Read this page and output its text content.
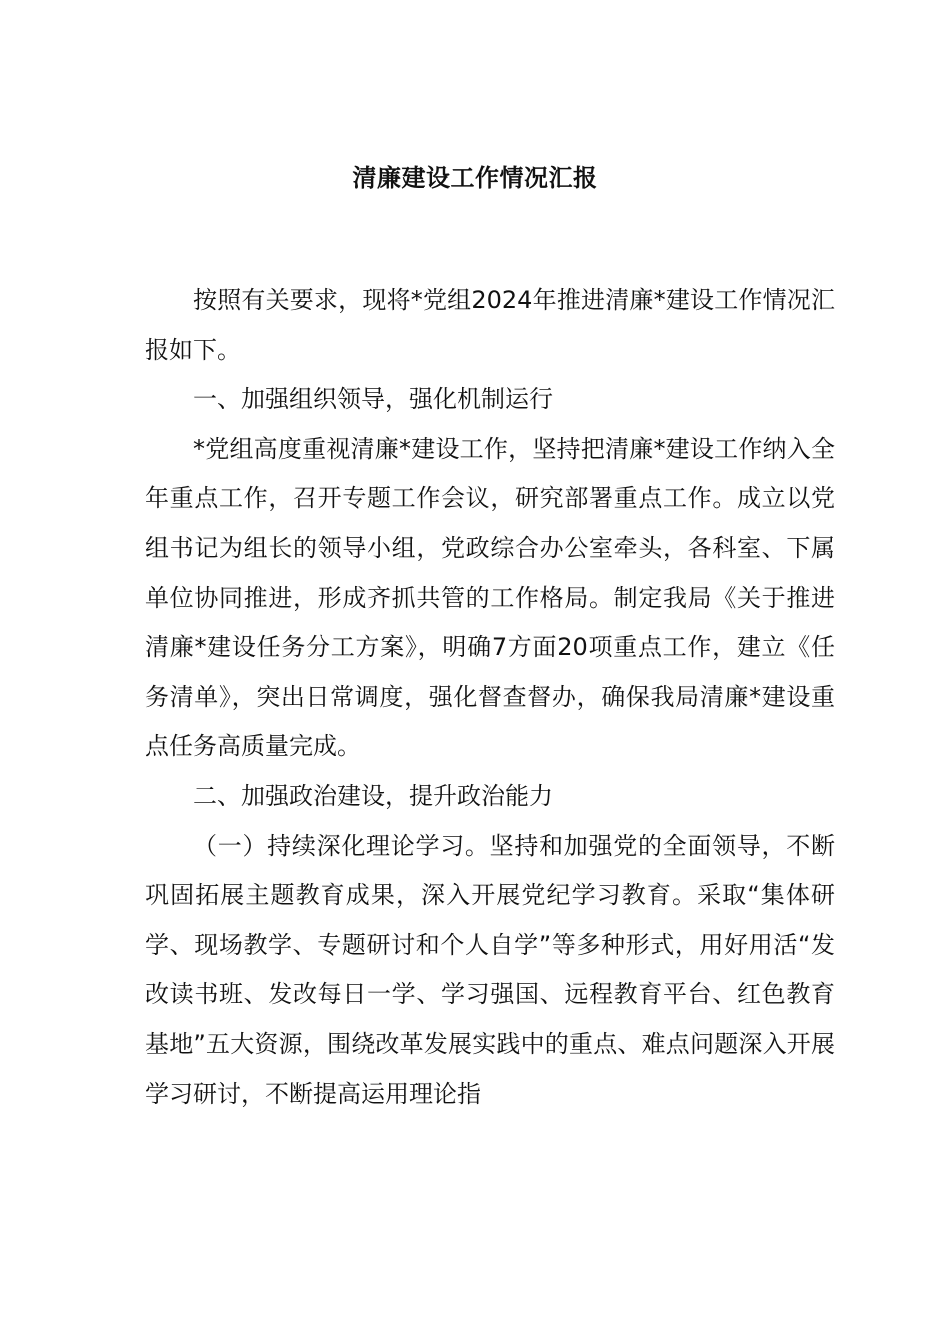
清廉建设工作情况汇报

按照有关要求，现将*党组2024年推进清廉*建设工作情况汇报如下。

一、加强组织领导，强化机制运行

*党组高度重视清廉*建设工作，坚持把清廉*建设工作纳入全年重点工作，召开专题工作会议，研究部署重点工作。成立以党组书记为组长的领导小组，党政综合办公室牵头，各科室、下属单位协同推进，形成齐抓共管的工作格局。制定我局《关于推进清廉*建设任务分工方案》，明确7方面20项重点工作，建立《任务清单》，突出日常调度，强化督查督办，确保我局清廉*建设重点任务高质量完成。

二、加强政治建设，提升政治能力

（一）持续深化理论学习。坚持和加强党的全面领导，不断巩固拓展主题教育成果，深入开展党纪学习教育。采取“集体研学、现场教学、专题研讨和个人自学”等多种形式，用好用活“发改读书班、发改每日一学、学习强国、远程教育平台、红色教育基地”五大资源，围绕改革发展实践中的重点、难点问题深入开展学习研讨，不断提高运用理论指
